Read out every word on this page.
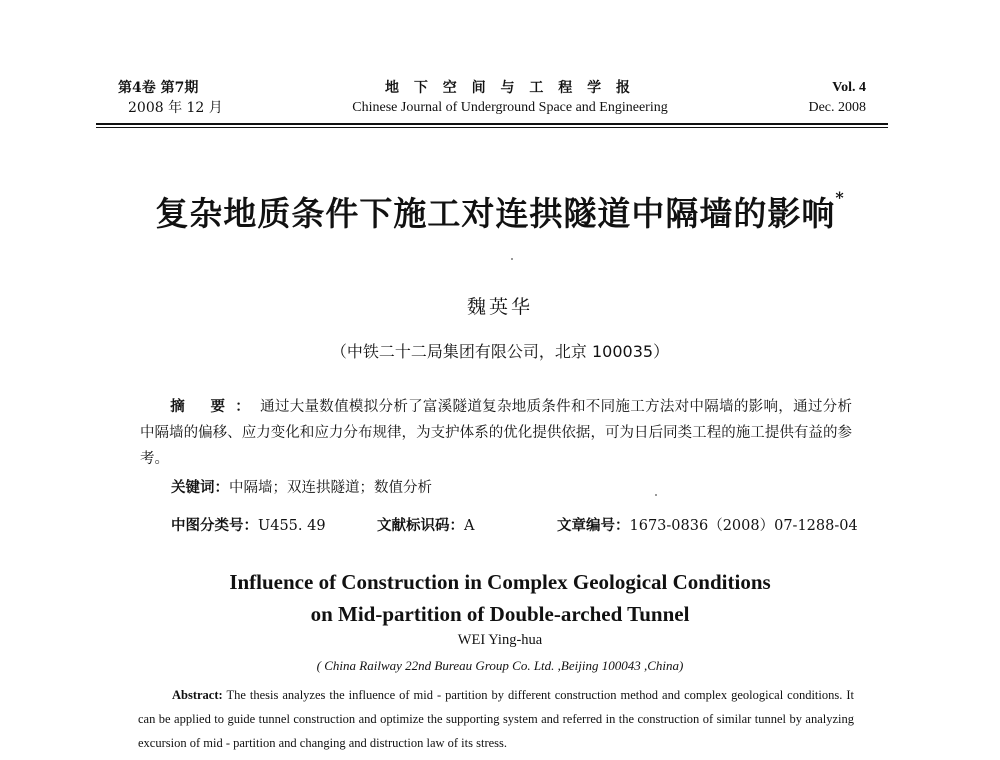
第4卷 第7期
2008 年 12 月
地 下 空 间 与 工 程 学 报
Chinese Journal of Underground Space and Engineering
Vol. 4
Dec. 2008
复杂地质条件下施工对连拱隧道中隔墙的影响*
魏英华
（中铁二十二局集团有限公司，北京 100035）
摘 要：通过大量数值模拟分析了富溪隧道复杂地质条件和不同施工方法对中隔墙的影响，通过分析中隔墙的偏移、应力变化和应力分布规律，为支护体系的优化提供依据，可为日后同类工程的施工提供有益的参考。
关键词：中隔墙；双连拱隧道；数值分析
中图分类号：U455. 49	文献标识码：A	文章编号：1673-0836（2008）07-1288-04
Influence of Construction in Complex Geological Conditions
on Mid-partition of Double-arched Tunnel
WEI Ying-hua
( China Railway 22nd Bureau Group Co. Ltd. ,Beijing 100043 ,China)
Abstract: The thesis analyzes the influence of mid - partition by different construction method and complex geological conditions. It can be applied to guide tunnel construction and optimize the supporting system and referred in the construction of similar tunnel by analyzing excursion of mid - partition and changing and distruction law of its stress.
